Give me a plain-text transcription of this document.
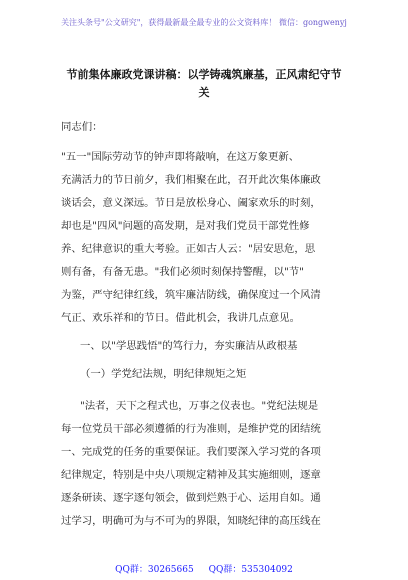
关注头条号"公文研究"，获得最新最全最专业的公文资料库！ 微信：gongwenyj
节前集体廉政党课讲稿：以学铸魂筑廉基，正风肃纪守节
关
同志们：
"五一"国际劳动节的钟声即将敲响，在这万象更新、
充满活力的节日前夕，我们相聚在此，召开此次集体廉政
谈话会，意义深远。节日是放松身心、阖家欢乐的时刻，
却也是"四风"问题的高发期，是对我们党员干部党性修
养、纪律意识的重大考验。正如古人云："居安思危，思
则有备，有备无患。"我们必须时刻保持警醒，以"节"
为鉴，严守纪律红线，筑牢廉洁防线，确保度过一个风清
气正、欢乐祥和的节日。借此机会，我讲几点意见。
一、以"学思践悟"的笃行力，夯实廉洁从政根基
（一）学党纪法规，明纪律规矩之矩
"法者，天下之程式也，万事之仪表也。"党纪法规是
每一位党员干部必须遵循的行为准则，是维护党的团结统
一、完成党的任务的重要保证。我们要深入学习党的各项
纪律规定，特别是中央八项规定精神及其实施细则，逐章
逐条研读、逐字逐句领会，做到烂熟于心、运用自如。通
过学习，明确可为与不可为的界限，知晓纪律的高压线在
QQ群：30265665 QQ群：535304092
